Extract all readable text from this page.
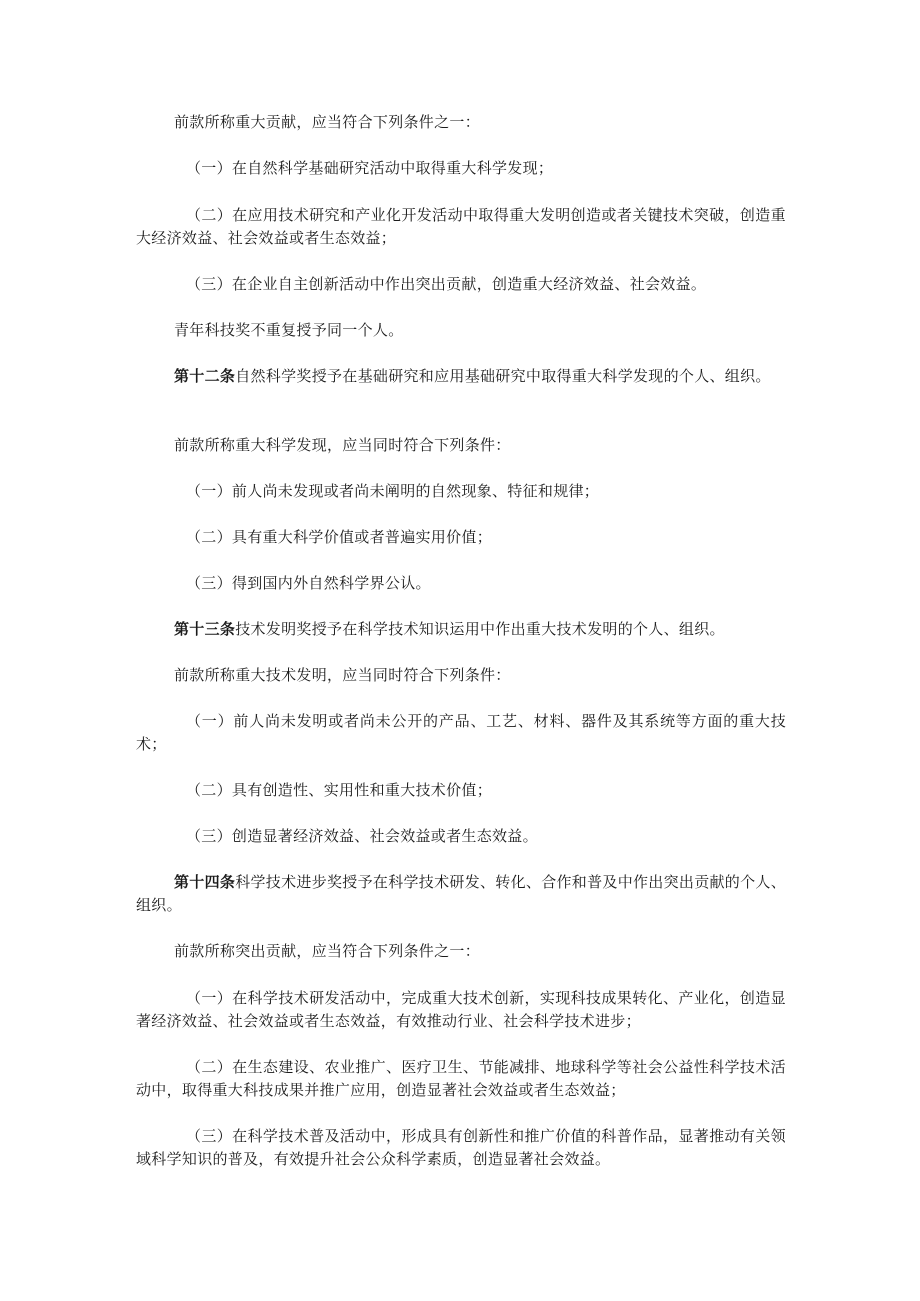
前款所称重大贡献，应当符合下列条件之一：

（一）在自然科学基础研究活动中取得重大科学发现；

（二）在应用技术研究和产业化开发活动中取得重大发明创造或者关键技术突破，创造重大经济效益、社会效益或者生态效益；

（三）在企业自主创新活动中作出突出贡献，创造重大经济效益、社会效益。

青年科技奖不重复授予同一个人。

第十二条自然科学奖授予在基础研究和应用基础研究中取得重大科学发现的个人、组织。

前款所称重大科学发现，应当同时符合下列条件：

（一）前人尚未发现或者尚未阐明的自然现象、特征和规律；

（二）具有重大科学价值或者普遍实用价值；

（三）得到国内外自然科学界公认。

第十三条技术发明奖授予在科学技术知识运用中作出重大技术发明的个人、组织。

前款所称重大技术发明，应当同时符合下列条件：

（一）前人尚未发明或者尚未公开的产品、工艺、材料、器件及其系统等方面的重大技术；

（二）具有创造性、实用性和重大技术价值；

（三）创造显著经济效益、社会效益或者生态效益。

第十四条科学技术进步奖授予在科学技术研发、转化、合作和普及中作出突出贡献的个人、组织。

前款所称突出贡献，应当符合下列条件之一：

（一）在科学技术研发活动中，完成重大技术创新，实现科技成果转化、产业化，创造显著经济效益、社会效益或者生态效益，有效推动行业、社会科学技术进步；

（二）在生态建设、农业推广、医疗卫生、节能减排、地球科学等社会公益性科学技术活动中，取得重大科技成果并推广应用，创造显著社会效益或者生态效益；

（三）在科学技术普及活动中，形成具有创新性和推广价值的科普作品，显著推动有关领域科学知识的普及，有效提升社会公众科学素质，创造显著社会效益。
